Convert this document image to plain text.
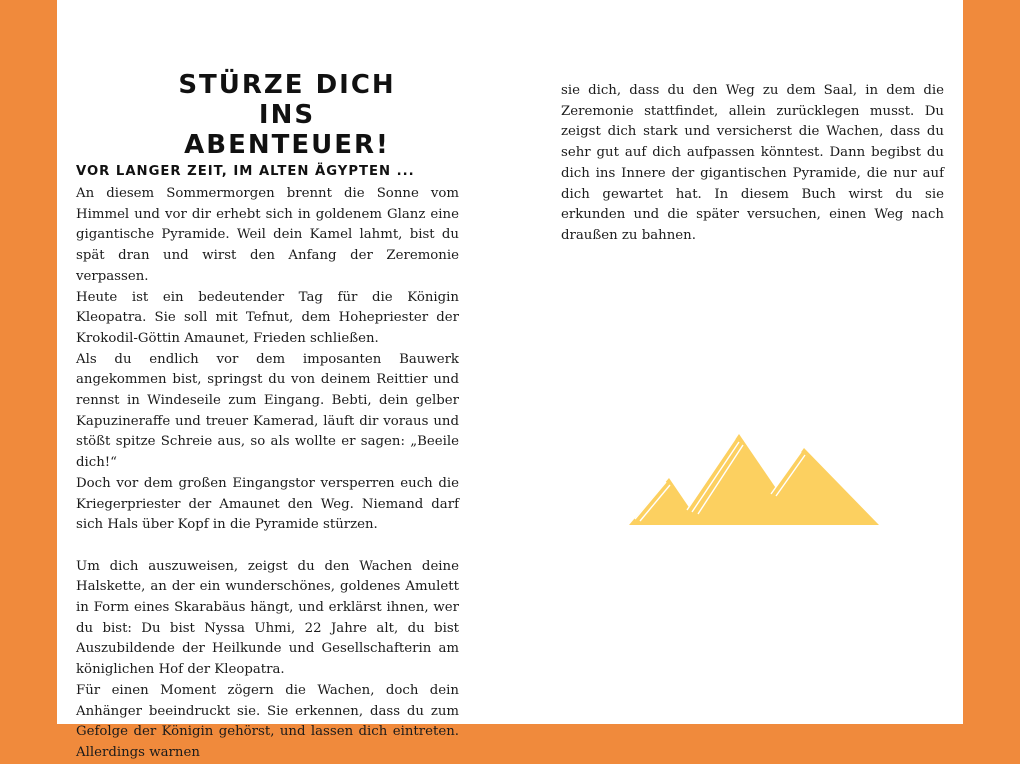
STÜRZE DICH INS ABENTEUER!
VOR LANGER ZEIT, IM ALTEN ÄGYPTEN ...

An diesem Sommermorgen brennt die Sonne vom Himmel und vor dir erhebt sich in goldenem Glanz eine gigantische Pyramide. Weil dein Kamel lahmt, bist du spät dran und wirst den Anfang der Zeremonie verpassen.

Heute ist ein bedeutender Tag für die Königin Kleopatra. Sie soll mit Tefnut, dem Hohepriester der Krokodil-Göttin Amaunet, Frieden schließen.

Als du endlich vor dem imposanten Bauwerk angekommen bist, springst du von deinem Reittier und rennst in Windeseile zum Eingang. Bebti, dein gelber Kapuzineraffe und treuer Kamerad, läuft dir voraus und stößt spitze Schreie aus, so als wollte er sagen: „Beeile dich!“

Doch vor dem großen Eingangstor versperren euch die Kriegerpriester der Amaunet den Weg. Niemand darf sich Hals über Kopf in die Pyramide stürzen.

Um dich auszuweisen, zeigst du den Wachen deine Halskette, an der ein wunderschönes, goldenes Amulett in Form eines Skarabäus hängt, und erklärst ihnen, wer du bist: Du bist Nyssa Uhmi, 22 Jahre alt, du bist Auszubildende der Heilkunde und Gesellschafterin am königlichen Hof der Kleopatra.

Für einen Moment zögern die Wachen, doch dein Anhänger beeindruckt sie. Sie erkennen, dass du zum Gefolge der Königin gehörst, und lassen dich eintreten. Allerdings warnen

sie dich, dass du den Weg zu dem Saal, in dem die Zeremonie stattfindet, allein zurücklegen musst. Du zeigst dich stark und versicherst die Wachen, dass du sehr gut auf dich aufpassen könntest. Dann begibst du dich ins Innere der gigantischen Pyramide, die nur auf dich gewartet hat. In diesem Buch wirst du sie erkunden und die später versuchen, einen Weg nach draußen zu bahnen.
